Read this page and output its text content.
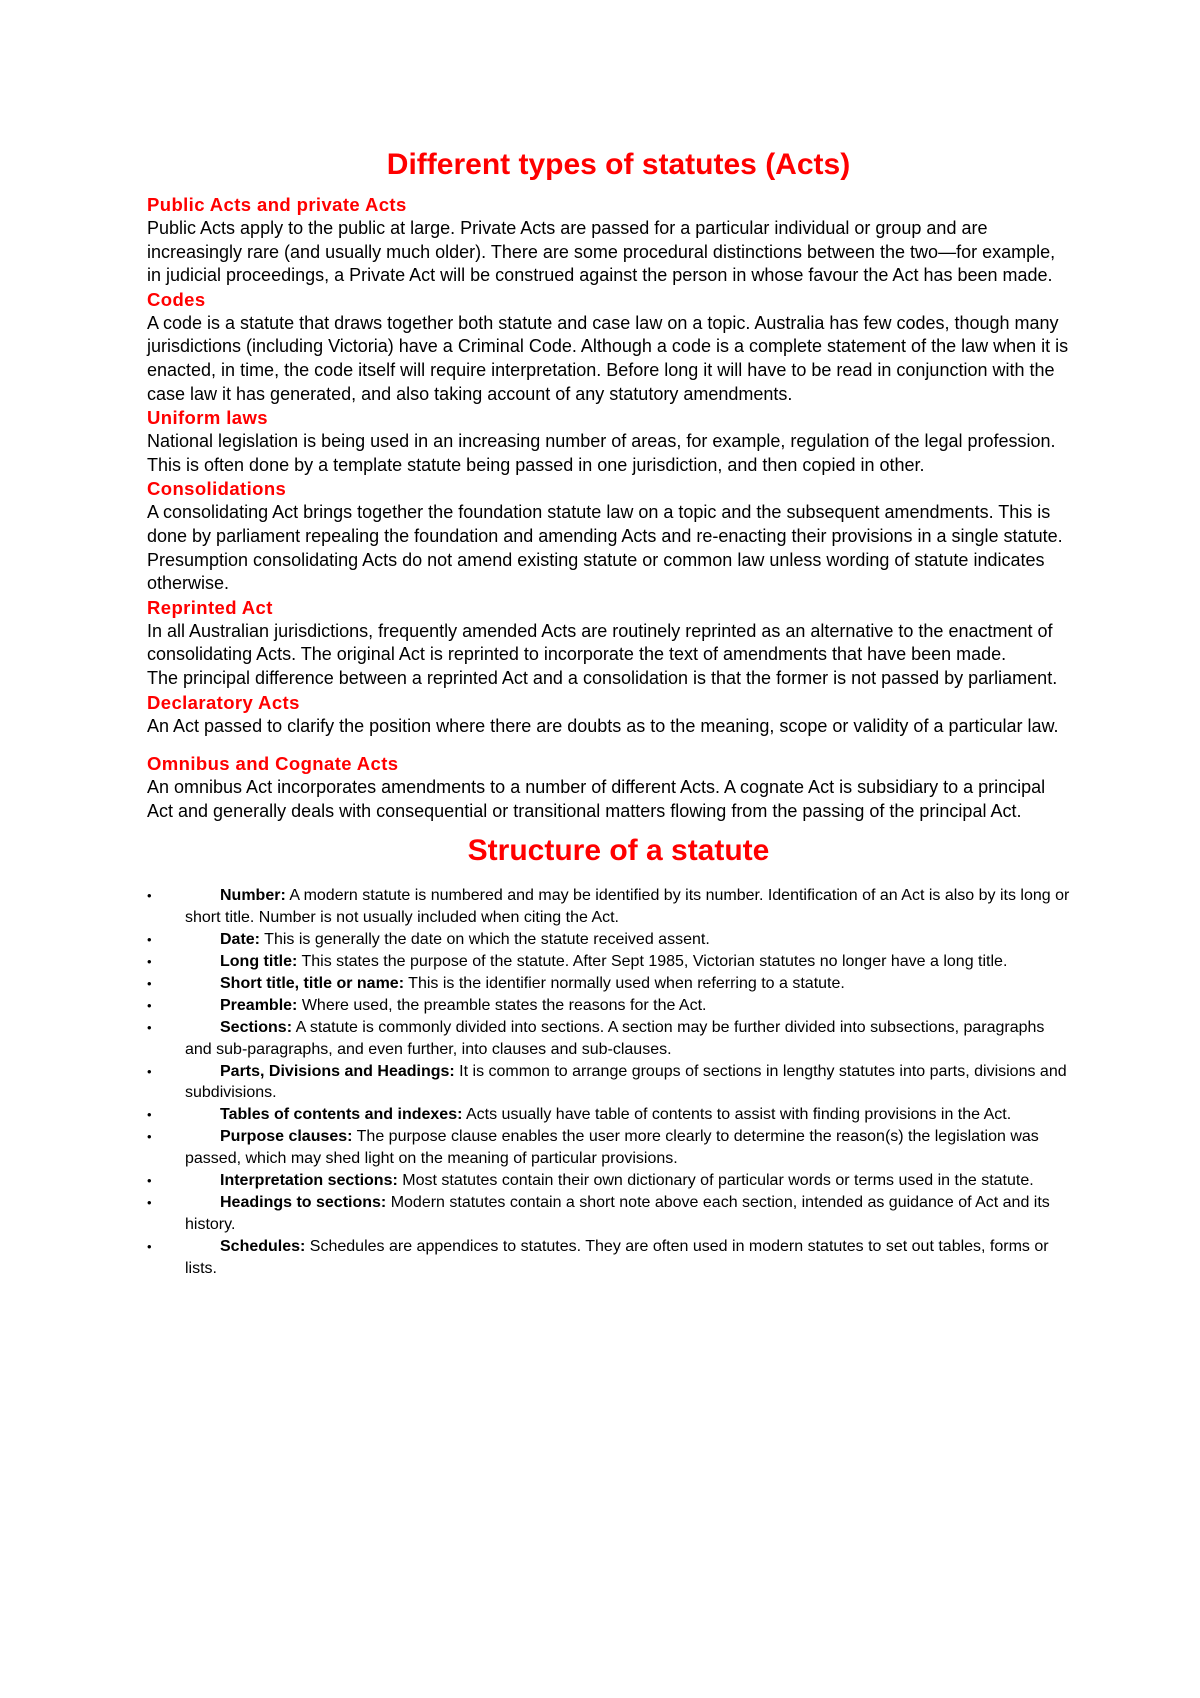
Different types of statutes (Acts)
Public Acts and private Acts

Public Acts apply to the public at large. Private Acts are passed for a particular individual or group and are increasingly rare (and usually much older). There are some procedural distinctions between the two—for example, in judicial proceedings, a Private Act will be construed against the person in whose favour the Act has been made.

Codes

A code is a statute that draws together both statute and case law on a topic. Australia has few codes, though many jurisdictions (including Victoria) have a Criminal Code. Although a code is a complete statement of the law when it is enacted, in time, the code itself will require interpretation. Before long it will have to be read in conjunction with the case law it has generated, and also taking account of any statutory amendments.

Uniform laws

National legislation is being used in an increasing number of areas, for example, regulation of the legal profession. This is often done by a template statute being passed in one jurisdiction, and then copied in other.

Consolidations

A consolidating Act brings together the foundation statute law on a topic and the subsequent amendments. This is done by parliament repealing the foundation and amending Acts and re-enacting their provisions in a single statute. Presumption consolidating Acts do not amend existing statute or common law unless wording of statute indicates otherwise.

Reprinted Act

In all Australian jurisdictions, frequently amended Acts are routinely reprinted as an alternative to the enactment of consolidating Acts. The original Act is reprinted to incorporate the text of amendments that have been made.

The principal difference between a reprinted Act and a consolidation is that the former is not passed by parliament.

Declaratory Acts

An Act passed to clarify the position where there are doubts as to the meaning, scope or validity of a particular law.

Omnibus and Cognate Acts

An omnibus Act incorporates amendments to a number of different Acts. A cognate Act is subsidiary to a principal Act and generally deals with consequential or transitional matters flowing from the passing of the principal Act.

Structure of a statute
•	Number: A modern statute is numbered and may be identified by its number. Identification of an Act is also by its long or short title. Number is not usually included when citing the Act.
•	Date: This is generally the date on which the statute received assent.
•	Long title: This states the purpose of the statute. After Sept 1985, Victorian statutes no longer have a long title.
•	Short title, title or name: This is the identifier normally used when referring to a statute.
•	Preamble: Where used, the preamble states the reasons for the Act.
•	Sections: A statute is commonly divided into sections. A section may be further divided into subsections, paragraphs and sub-paragraphs, and even further, into clauses and sub-clauses.
•	Parts, Divisions and Headings: It is common to arrange groups of sections in lengthy statutes into parts, divisions and subdivisions.
•	Tables of contents and indexes: Acts usually have table of contents to assist with finding provisions in the Act.
•	Purpose clauses: The purpose clause enables the user more clearly to determine the reason(s) the legislation was passed, which may shed light on the meaning of particular provisions.
•	Interpretation sections: Most statutes contain their own dictionary of particular words or terms used in the statute.
•	Headings to sections: Modern statutes contain a short note above each section, intended as guidance of Act and its history.
•	Schedules: Schedules are appendices to statutes. They are often used in modern statutes to set out tables, forms or lists.
